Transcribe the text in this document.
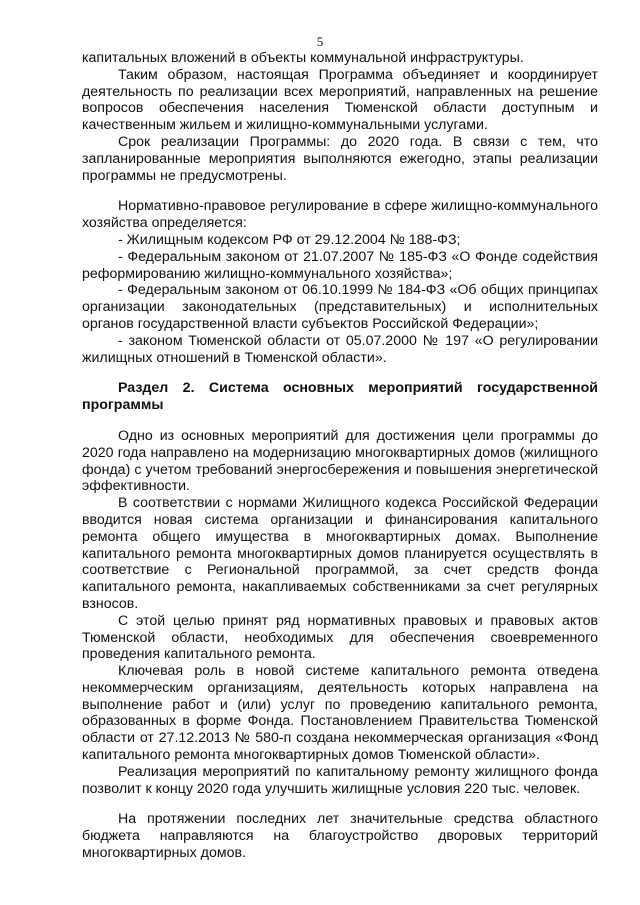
5

капитальных вложений в объекты коммунальной инфраструктуры.

Таким образом, настоящая Программа объединяет и координирует деятельность по реализации всех мероприятий, направленных на решение вопросов обеспечения населения Тюменской области доступным и качественным жильем и жилищно-коммунальными услугами.

Срок реализации Программы: до 2020 года. В связи с тем, что запланированные мероприятия выполняются ежегодно, этапы реализации программы не предусмотрены.

Нормативно-правовое регулирование в сфере жилищно-коммунального хозяйства определяется:

- Жилищным кодексом РФ от 29.12.2004 № 188-ФЗ;

- Федеральным законом от 21.07.2007 № 185-ФЗ «О Фонде содействия реформированию жилищно-коммунального хозяйства»;

- Федеральным законом от 06.10.1999 № 184-ФЗ «Об общих принципах организации законодательных (представительных) и исполнительных органов государственной власти субъектов Российской Федерации»;

- законом Тюменской области от 05.07.2000 № 197 «О регулировании жилищных отношений в Тюменской области».

Раздел 2. Система основных мероприятий государственной программы

Одно из основных мероприятий для достижения цели программы до 2020 года направлено на модернизацию многоквартирных домов (жилищного фонда) с учетом требований энергосбережения и повышения энергетической эффективности.

В соответствии с нормами Жилищного кодекса Российской Федерации вводится новая система организации и финансирования капитального ремонта общего имущества в многоквартирных домах. Выполнение капитального ремонта многоквартирных домов планируется осуществлять в соответствие с Региональной программой, за счет средств фонда капитального ремонта, накапливаемых собственниками за счет регулярных взносов.

С этой целью принят ряд нормативных правовых и правовых актов Тюменской области, необходимых для обеспечения своевременного проведения капитального ремонта.

Ключевая роль в новой системе капитального ремонта отведена некоммерческим организациям, деятельность которых направлена на выполнение работ и (или) услуг по проведению капитального ремонта, образованных в форме Фонда. Постановлением Правительства Тюменской области от 27.12.2013 № 580-п создана некоммерческая организация «Фонд капитального ремонта многоквартирных домов Тюменской области».

Реализация мероприятий по капитальному ремонту жилищного фонда позволит к концу 2020 года улучшить жилищные условия 220 тыс. человек.

На протяжении последних лет значительные средства областного бюджета направляются на благоустройство дворовых территорий многоквартирных домов.
